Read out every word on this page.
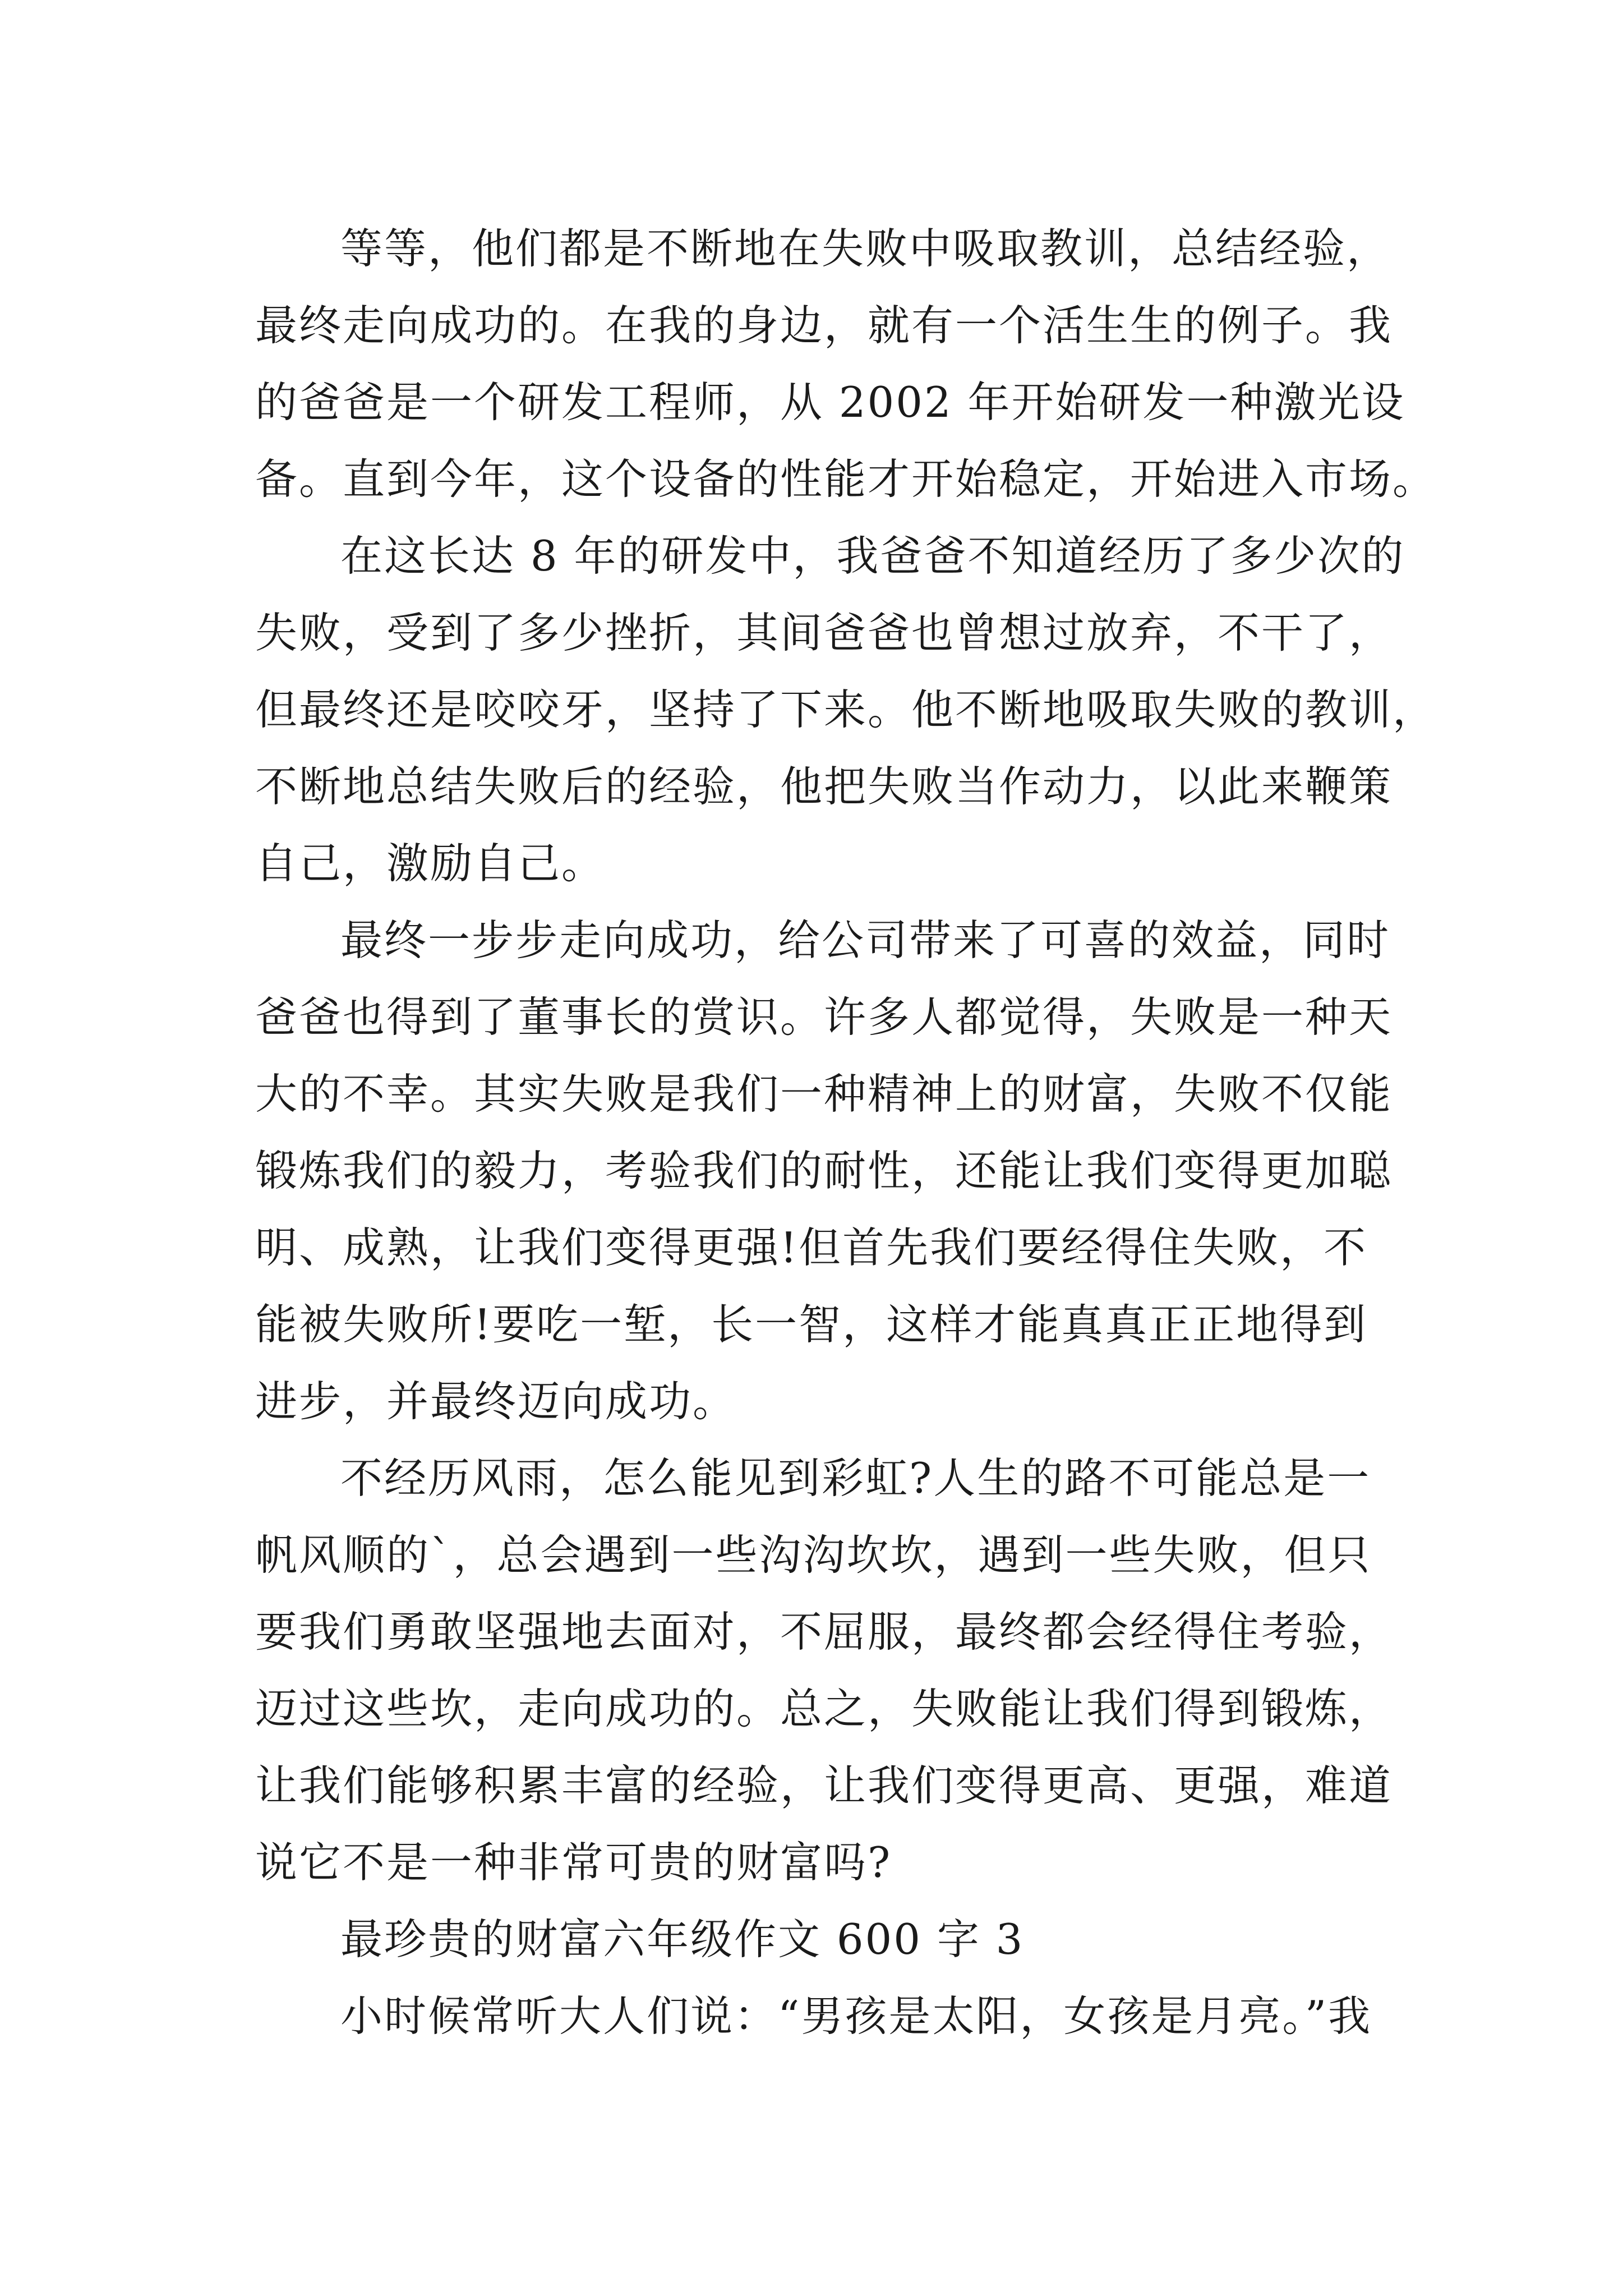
等等，他们都是不断地在失败中吸取教训，总结经验，
最终走向成功的。在我的身边，就有一个活生生的例子。我
的爸爸是一个研发工程师，从 2002 年开始研发一种激光设
备。直到今年，这个设备的性能才开始稳定，开始进入市场。
在这长达 8 年的研发中，我爸爸不知道经历了多少次的
失败，受到了多少挫折，其间爸爸也曾想过放弃，不干了，
但最终还是咬咬牙，坚持了下来。他不断地吸取失败的教训，
不断地总结失败后的经验，他把失败当作动力，以此来鞭策
自己，激励自己。
最终一步步走向成功，给公司带来了可喜的效益，同时
爸爸也得到了董事长的赏识。许多人都觉得，失败是一种天
大的不幸。其实失败是我们一种精神上的财富，失败不仅能
锻炼我们的毅力，考验我们的耐性，还能让我们变得更加聪
明、成熟，让我们变得更强!但首先我们要经得住失败，不
能被失败所!要吃一堑，长一智，这样才能真真正正地得到
进步，并最终迈向成功。
不经历风雨，怎么能见到彩虹?人生的路不可能总是一
帆风顺的`，总会遇到一些沟沟坎坎，遇到一些失败，但只
要我们勇敢坚强地去面对，不屈服，最终都会经得住考验，
迈过这些坎，走向成功的。总之，失败能让我们得到锻炼，
让我们能够积累丰富的经验，让我们变得更高、更强，难道
说它不是一种非常可贵的财富吗?
最珍贵的财富六年级作文 600 字 3
小时候常听大人们说：“男孩是太阳，女孩是月亮。”我
